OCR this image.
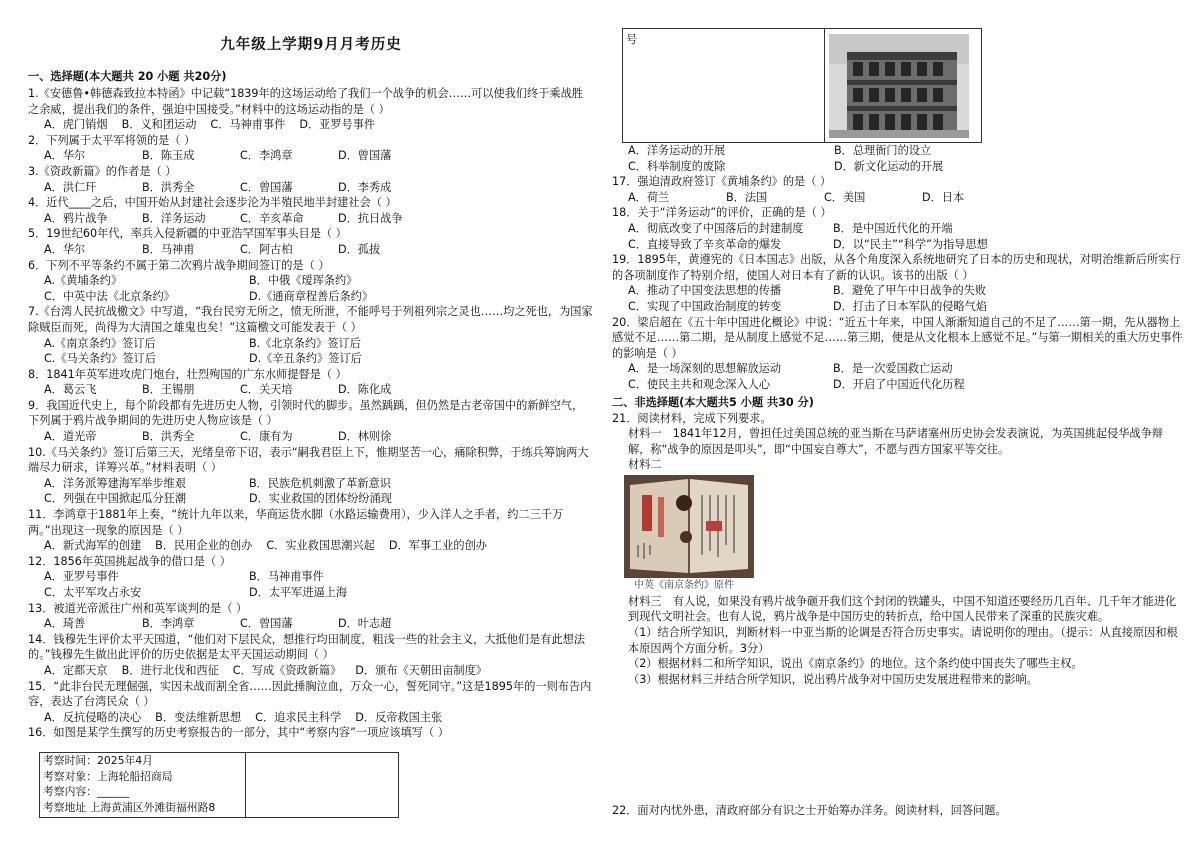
九年级上学期9月月考历史
一、选择题(本大题共 20 小题 共20分)
1.《安德鲁•韩德森致拉本特函》中记载“1839年的这场运动给了我们一个战争的机会……可以使我们终于乘战胜之余威，提出我们的条件，强迫中国接受。”材料中的这场运动指的是（ ）
A．虎门销烟 B．义和团运动 C．马神甫事件 D．亚罗号事件
2．下列属于太平军将领的是（ ）
A．华尔	B．陈玉成	C．李鸿章	D．曾国藩
3.《资政新篇》的作者是（ ）
A．洪仁玕	B．洪秀全	C．曾国藩	D．李秀成
4．近代____之后，中国开始从封建社会逐步沦为半殖民地半封建社会（ ）
A．鸦片战争	B．洋务运动	C．辛亥革命	D．抗日战争
5．19世纪60年代，率兵入侵新疆的中亚浩罕国军事头目是（ ）
A．华尔	B．马神甫	C．阿古柏	D．孤拔
6．下列不平等条约不属于第二次鸦片战争期间签订的是（ ）
A.《黄埔条约》	B．中俄《瑷珲条约》
C．中英中法《北京条约》	D.《通商章程善后条约》
7.《台湾人民抗战檄文》中写道，“我台民穷无所之，愤无所泄，不能呼号于列祖列宗之灵也……均之死也，为国家除贼臣而死，尚得为大清国之雄鬼也矣！”这篇檄文可能发表于（ ）
A.《南京条约》签订后	B.《北京条约》签订后
C.《马关条约》签订后	D.《辛丑条约》签订后
8．1841年英军进攻虎门炮台，壮烈殉国的广东水师提督是（ ）
A．葛云飞	B．王锡朋	C．关天培	D．陈化成
9．我国近代史上，每个阶段都有先进历史人物，引领时代的脚步。虽然踽踽，但仍然是古老帝国中的新鲜空气，下列属于鸦片战争期间的先进历史人物应该是（ ）
A．道光帝	B．洪秀全	C．康有为	D．林则徐
10.《马关条约》签订后第三天，光绪皇帝下诏，表示“嗣我君臣上下，惟期坚苦一心，痛除积弊，于练兵筹饷两大端尽力研求，详筹兴革。”材料表明（ ）
A．洋务派筹建海军举步维艰	B．民族危机刺激了革新意识
C．列强在中国掀起瓜分狂潮	D．实业救国的团体纷纷涌现
11．李鸿章于1881年上奏，“统计九年以来，华商运货水脚（水路运输费用），少入洋人之手者，约二三千万两。”出现这一现象的原因是（ ）
A．新式海军的创建 B．民用企业的创办 C．实业救国思潮兴起 D．军事工业的创办
12．1856年英国挑起战争的借口是（ ）
A．亚罗号事件	B．马神甫事件
C．太平军攻占永安	D．太平军进逼上海
13．被道光帝派往广州和英军谈判的是（ ）
A．琦善	B．李鸿章	C．曾国藩	D．叶志超
14．钱穆先生评价太平天国道，“他们对下层民众，想推行均田制度，粗浅一些的社会主义，大抵他们是有此想法的。”钱穆先生做出此评价的历史依据是太平天国运动期间（ ）
A．定都天京 B．进行北伐和西征 C．写成《资政新篇》 D．颁布《天朝田亩制度》
15．“此非台民无理倔强，实因未战而割全省……因此捶胸泣血，万众一心，誓死同守。”这是1895年的一则布告内容，表达了台湾民众（ ）
A．反抗侵略的决心 B．变法维新思想 C．追求民主科学 D．反帝救国主张
16．如图是某学生撰写的历史考察报告的一部分，其中“考察内容”一项应该填写（ ）
考察时间：2025年4月
考察对象：上海轮船招商局
考察内容：______
考察地址 上海黄浦区外滩街福州路8
号
A．洋务运动的开展	B．总理衙门的设立
C．科举制度的废除	D．新文化运动的开展
17．强迫清政府签订《黄埔条约》的是（ ）
A．荷兰	B．法国	C．美国	D．日本
18．关于“洋务运动”的评价，正确的是（ ）
A．彻底改变了中国落后的封建制度	B．是中国近代化的开端
C．直接导致了辛亥革命的爆发	D．以“民主”“科学”为指导思想
19．1895年，黄遵宪的《日本国志》出版，从各个角度深入系统地研究了日本的历史和现状，对明治维新后所实行的各项制度作了特别介绍，使国人对日本有了新的认识。该书的出版（ ）
A．推动了中国变法思想的传播	B．避免了甲午中日战争的失败
C．实现了中国政治制度的转变	D．打击了日本军队的侵略气焰
20．梁启超在《五十年中国进化概论》中说：“近五十年来，中国人渐渐知道自己的不足了……第一期，先从器物上感觉不足……第二期，是从制度上感觉不足……第三期，便是从文化根本上感觉不足。”与第一期相关的重大历史事件的影响是（ ）
A．是一场深刻的思想解放运动	B．是一次爱国救亡运动
C．使民主共和观念深入人心	D．开启了中国近代化历程
二、非选择题(本大题共5 小题 共30 分)
21．阅读材料，完成下列要求。
材料一　1841年12月，曾担任过美国总统的亚当斯在马萨诸塞州历史协会发表演说，为英国挑起侵华战争辩解，称“战争的原因是叩头”，即“中国妄自尊大”，不愿与西方国家平等交往。
材料二
中英《南京条约》原件
材料三　有人说，如果没有鸦片战争砸开我们这个封闭的铁罐头，中国不知道还要经历几百年、几千年才能进化到现代文明社会。也有人说，鸦片战争是中国历史的转折点，给中国人民带来了深重的民族灾难。
（1）结合所学知识，判断材料一中亚当斯的论调是否符合历史事实。请说明你的理由。（提示：从直接原因和根本原因两个方面分析。3分）
（2）根据材料二和所学知识，说出《南京条约》的地位。这个条约使中国丧失了哪些主权。
（3）根据材料三并结合所学知识，说出鸦片战争对中国历史发展进程带来的影响。
22．面对内忧外患，清政府部分有识之士开始筹办洋务。阅读材料，回答问题。
